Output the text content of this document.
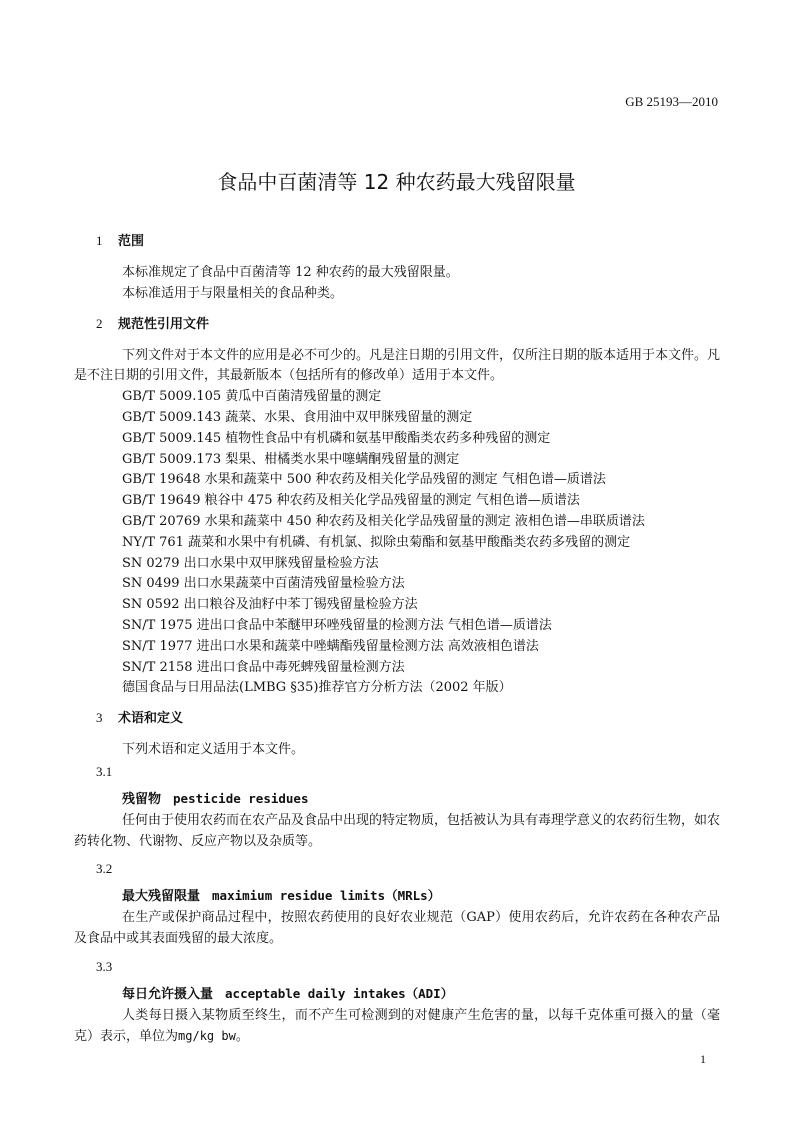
GB 25193—2010
食品中百菌清等 12 种农药最大残留限量
1 范围

本标准规定了食品中百菌清等 12 种农药的最大残留限量。

本标准适用于与限量相关的食品种类。

2 规范性引用文件

下列文件对于本文件的应用是必不可少的。凡是注日期的引用文件，仅所注日期的版本适用于本文件。凡是不注日期的引用文件，其最新版本（包括所有的修改单）适用于本文件。

GB/T 5009.105 黄瓜中百菌清残留量的测定

GB/T 5009.143 蔬菜、水果、食用油中双甲脒残留量的测定

GB/T 5009.145 植物性食品中有机磷和氨基甲酸酯类农药多种残留的测定

GB/T 5009.173 梨果、柑橘类水果中噻螨酮残留量的测定

GB/T 19648 水果和蔬菜中 500 种农药及相关化学品残留的测定 气相色谱—质谱法

GB/T 19649 粮谷中 475 种农药及相关化学品残留量的测定 气相色谱—质谱法

GB/T 20769 水果和蔬菜中 450 种农药及相关化学品残留量的测定 液相色谱—串联质谱法

NY/T 761 蔬菜和水果中有机磷、有机氯、拟除虫菊酯和氨基甲酸酯类农药多残留的测定

SN 0279 出口水果中双甲脒残留量检验方法

SN 0499 出口水果蔬菜中百菌清残留量检验方法

SN 0592 出口粮谷及油籽中苯丁锡残留量检验方法

SN/T 1975 进出口食品中苯醚甲环唑残留量的检测方法 气相色谱—质谱法

SN/T 1977 进出口水果和蔬菜中唑螨酯残留量检测方法 高效液相色谱法

SN/T 2158 进出口食品中毒死蜱残留量检测方法

德国食品与日用品法(LMBG §35)推荐官方分析方法（2002 年版）

3 术语和定义

下列术语和定义适用于本文件。

3.1

残留物 pesticide residues

任何由于使用农药而在农产品及食品中出现的特定物质，包括被认为具有毒理学意义的农药衍生物，如农药转化物、代谢物、反应产物以及杂质等。

3.2

最大残留限量 maximium residue limits（MRLs）

在生产或保护商品过程中，按照农药使用的良好农业规范（GAP）使用农药后，允许农药在各种农产品及食品中或其表面残留的最大浓度。

3.3

每日允许摄入量 acceptable daily intakes（ADI）

人类每日摄入某物质至终生，而不产生可检测到的对健康产生危害的量，以每千克体重可摄入的量（毫克）表示，单位为mg/kg bw。

1
